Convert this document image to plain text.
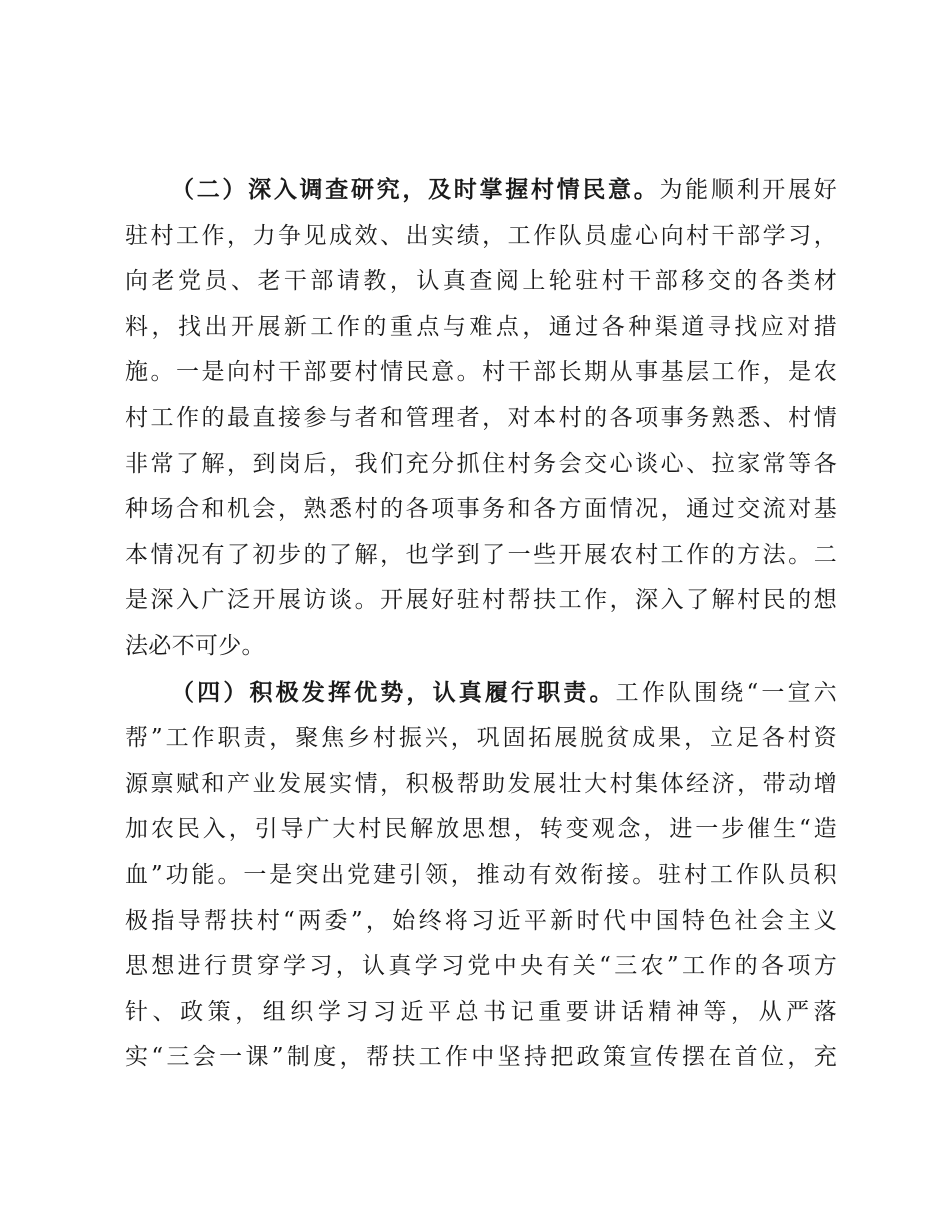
（二）深入调查研究，及时掌握村情民意。为能顺利开展好
驻村工作，力争见成效、出实绩，工作队员虚心向村干部学习，
向老党员、老干部请教，认真查阅上轮驻村干部移交的各类材
料，找出开展新工作的重点与难点，通过各种渠道寻找应对措
施。一是向村干部要村情民意。村干部长期从事基层工作，是农
村工作的最直接参与者和管理者，对本村的各项事务熟悉、村情
非常了解，到岗后，我们充分抓住村务会交心谈心、拉家常等各
种场合和机会，熟悉村的各项事务和各方面情况，通过交流对基
本情况有了初步的了解，也学到了一些开展农村工作的方法。二
是深入广泛开展访谈。开展好驻村帮扶工作，深入了解村民的想
法必不可少。
（四）积极发挥优势，认真履行职责。工作队围绕“一宣六
帮”工作职责，聚焦乡村振兴，巩固拓展脱贫成果，立足各村资
源禀赋和产业发展实情，积极帮助发展壮大村集体经济，带动增
加农民入，引导广大村民解放思想，转变观念，进一步催生“造
血”功能。一是突出党建引领，推动有效衔接。驻村工作队员积
极指导帮扶村“两委”，始终将习近平新时代中国特色社会主义
思想进行贯穿学习，认真学习党中央有关“三农”工作的各项方
针、政策，组织学习习近平总书记重要讲话精神等，从严落
实“三会一课”制度，帮扶工作中坚持把政策宣传摆在首位，充
